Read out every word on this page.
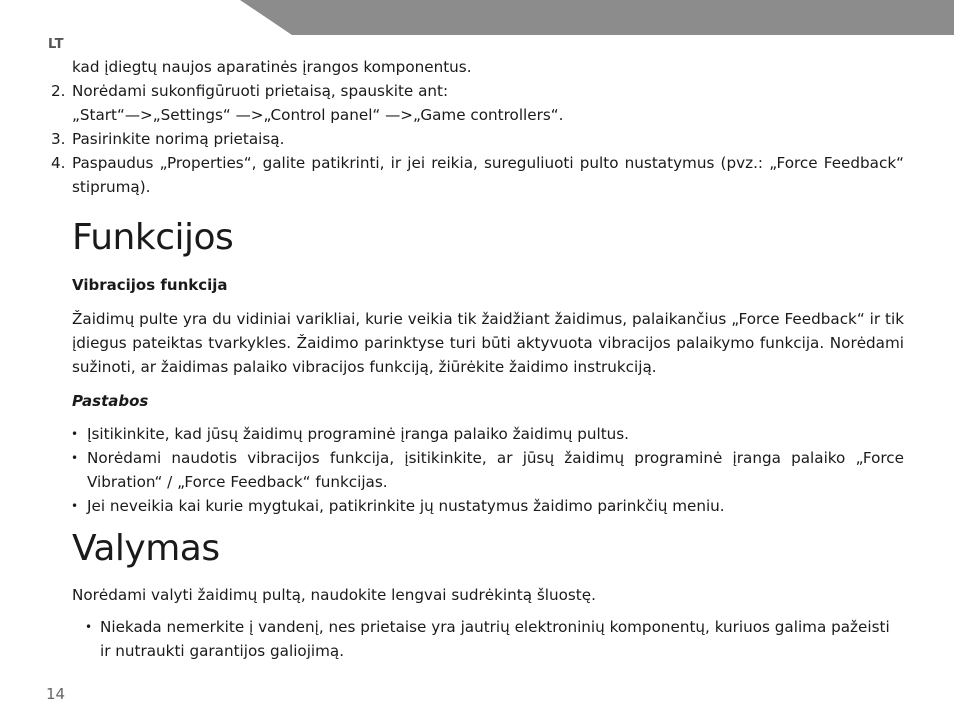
LT

kad įdiegtų naujos aparatinės įrangos komponentus.

2. Norėdami sukonfigūruoti prietaisą, spauskite ant:
„Start“—>„Settings“ —>„Control panel“ —>„Game controllers“.
3. Pasirinkite norimą prietaisą.
4. Paspaudus „Properties“, galite patikrinti, ir jei reikia, sureguliuoti pulto nustatymus (pvz.: „Force Feedback“ stiprumą).
Funkcijos

Vibracijos funkcija

Žaidimų pulte yra du vidiniai varikliai, kurie veikia tik žaidžiant žaidimus, palaikančius „Force Feedback“ ir tik įdiegus pateiktas tvarkykles. Žaidimo parinktyse turi būti aktyvuota vibracijos palaikymo funkcija. Norėdami sužinoti, ar žaidimas palaiko vibracijos funkciją, žiūrėkite žaidimo instrukciją.

Pastabos

• Įsitikinkite, kad jūsų žaidimų programinė įranga palaiko žaidimų pultus.
• Norėdami naudotis vibracijos funkcija, įsitikinkite, ar jūsų žaidimų programinė įranga palaiko „Force Vibration“ / „Force Feedback“ funkcijas.
• Jei neveikia kai kurie mygtukai, patikrinkite jų nustatymus žaidimo parinkčių meniu.
Valymas

Norėdami valyti žaidimų pultą, naudokite lengvai sudrėkintą šluostę.

• Niekada nemerkite į vandenį, nes prietaise yra jautrių elektroninių komponentų, kuriuos galima pažeisti ir nutraukti garantijos galiojimą.
14
